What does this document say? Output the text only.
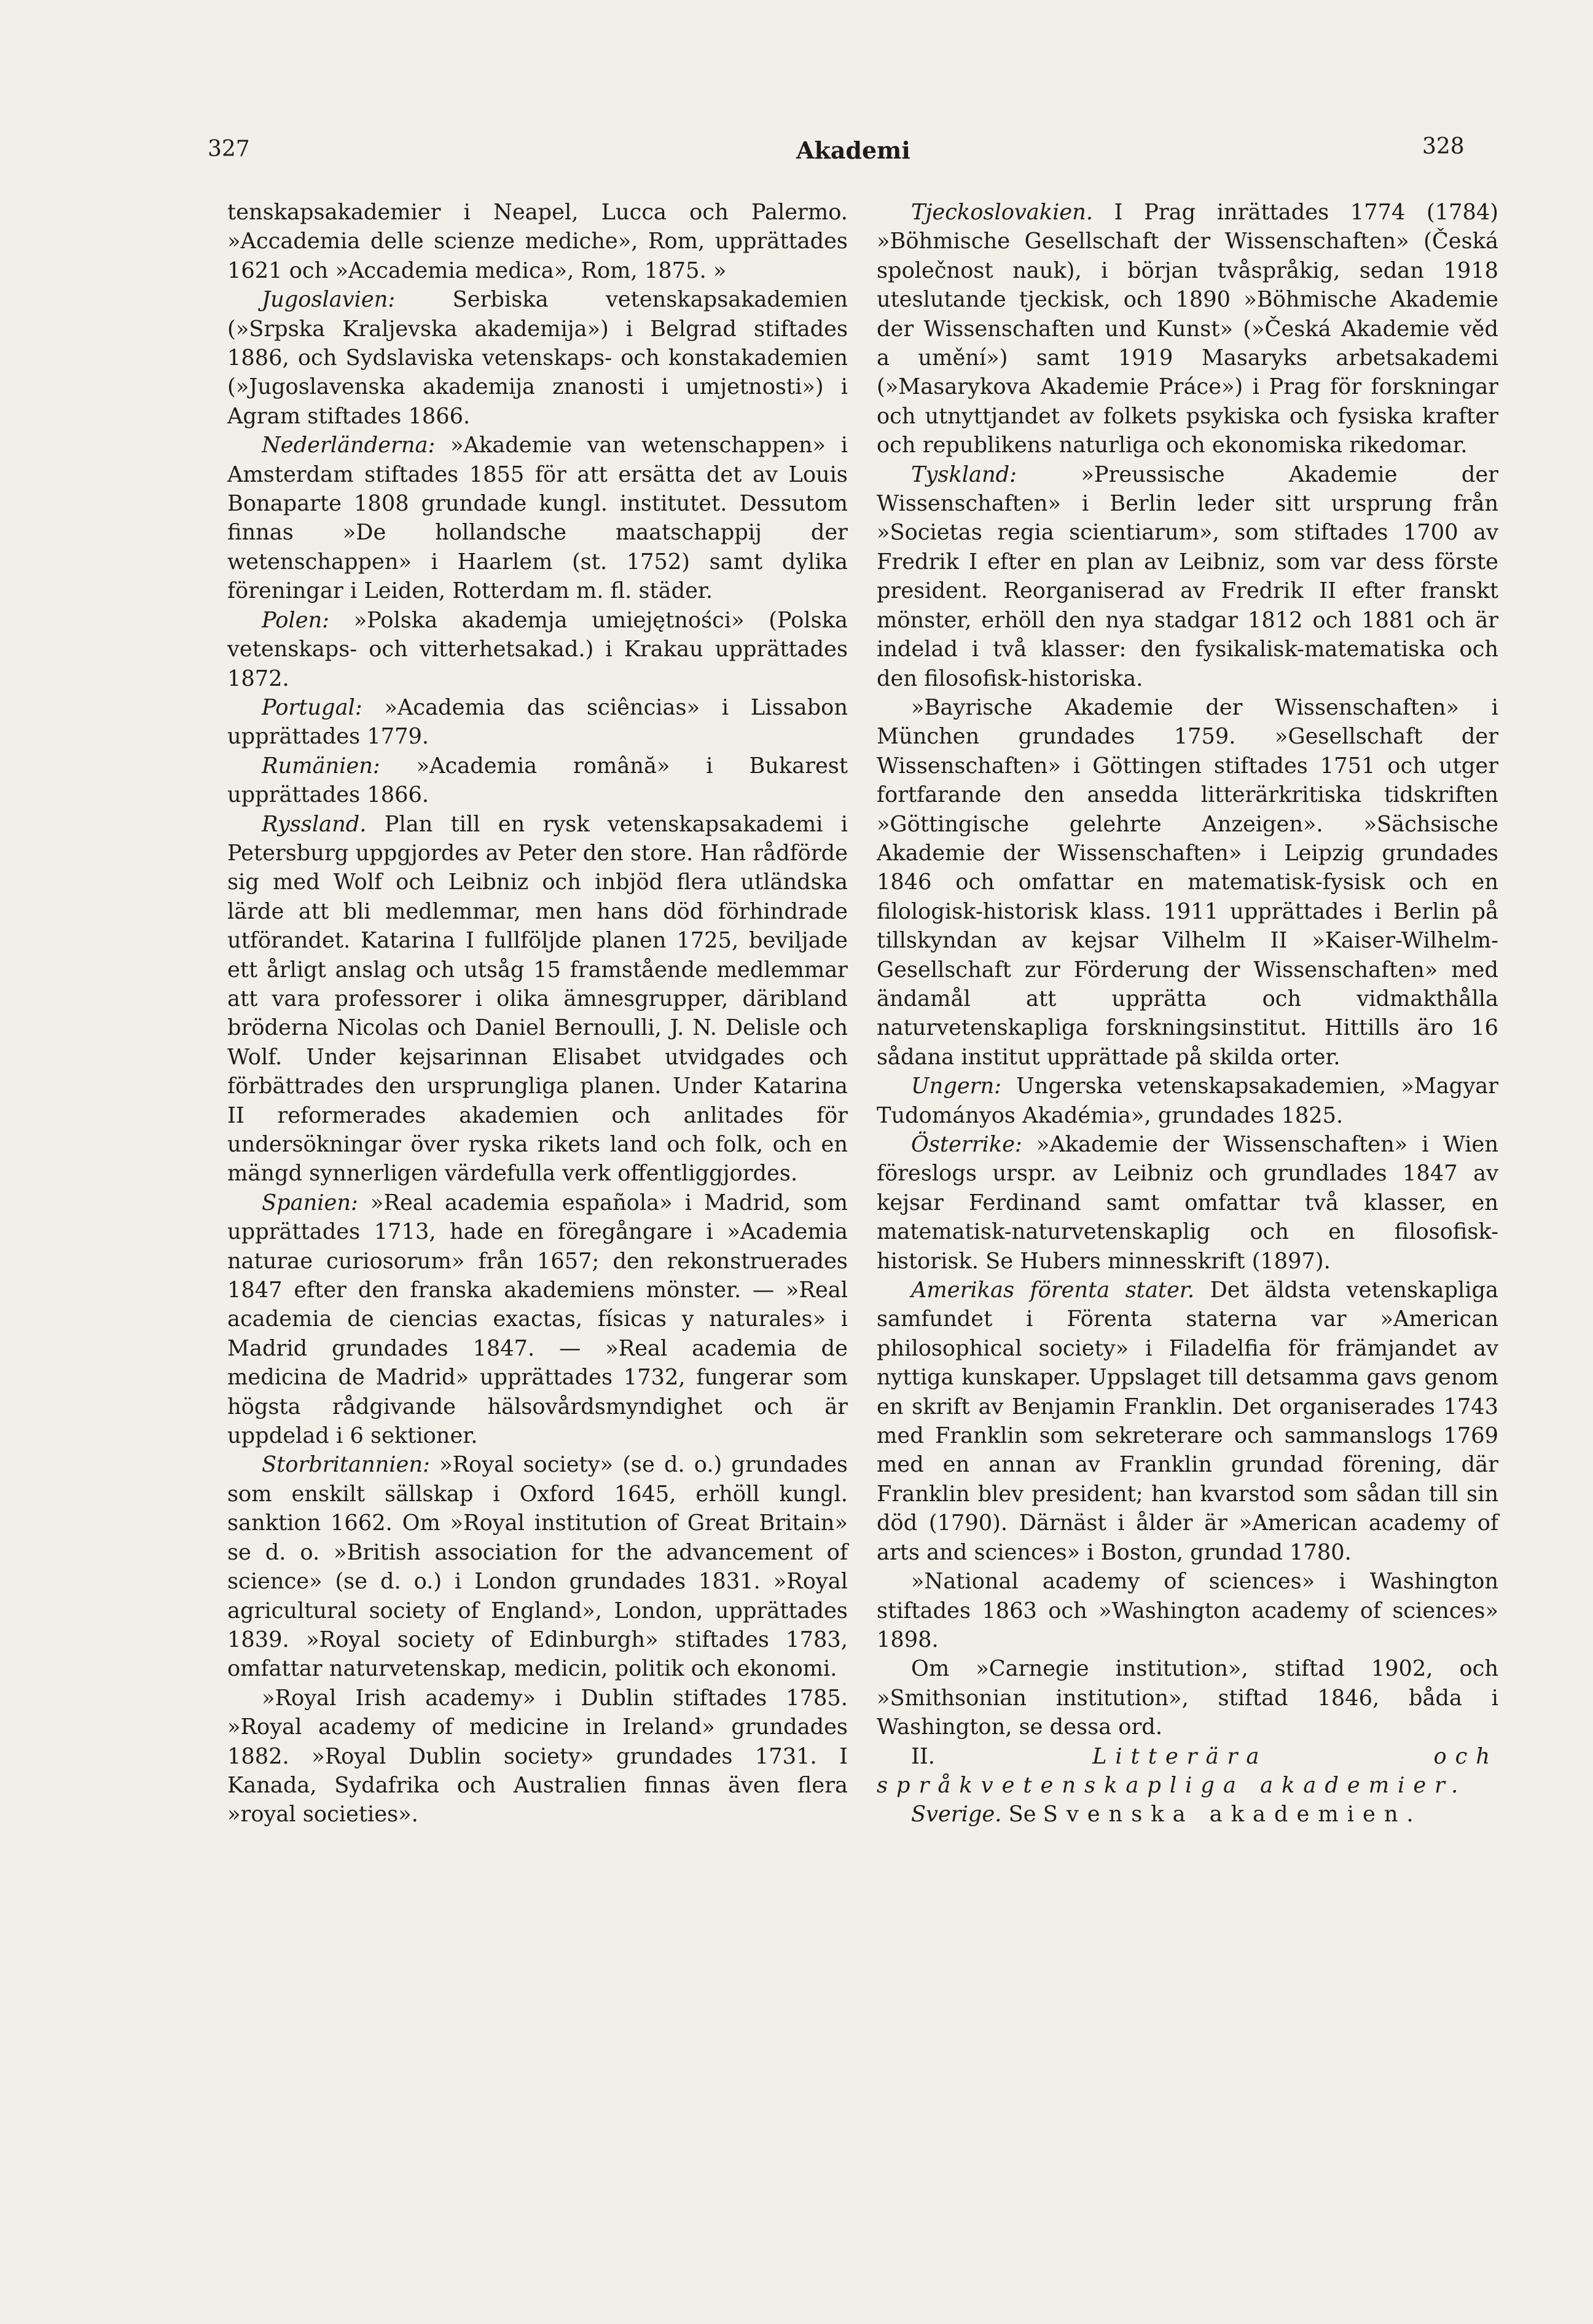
327	Akademi	328

tenskapsakademier i Neapel, Lucca och Palermo. »Accademia delle scienze mediche», Rom, upprättades 1621 och »Accademia medica», Rom, 1875. »

Jugoslavien: Serbiska vetenskapsakademien (»Srpska Kraljevska akademija») i Belgrad stiftades 1886, och Sydslaviska vetenskaps- och konstakademien (»Jugoslavenska akademija znanosti i umjetnosti») i Agram stiftades 1866.

Nederländerna: »Akademie van wetenschappen» i Amsterdam stiftades 1855 för att ersätta det av Louis Bonaparte 1808 grundade kungl. institutet. Dessutom finnas »De hollandsche maatschappij der wetenschappen» i Haarlem (st. 1752) samt dylika föreningar i Leiden, Rotterdam m. fl. städer.

Polen: »Polska akademja umiejętności» (Polska vetenskaps- och vitterhetsakad.) i Krakau upprättades 1872.

Portugal: »Academia das sciências» i Lissabon upprättades 1779.

Rumänien: »Academia română» i Bukarest upprättades 1866.

Ryssland. Plan till en rysk vetenskapsakademi i Petersburg uppgjordes av Peter den store. Han rådförde sig med Wolf och Leibniz och inbjöd flera utländska lärde att bli medlemmar, men hans död förhindrade utförandet. Katarina I fullföljde planen 1725, beviljade ett årligt anslag och utsåg 15 framstående medlemmar att vara professorer i olika ämnesgrupper, däribland bröderna Nicolas och Daniel Bernoulli, J. N. Delisle och Wolf. Under kejsarinnan Elisabet utvidgades och förbättrades den ursprungliga planen. Under Katarina II reformerades akademien och anlitades för undersökningar över ryska rikets land och folk, och en mängd synnerligen värdefulla verk offentliggjordes.

Spanien: »Real academia española» i Madrid, som upprättades 1713, hade en föregångare i »Academia naturae curiosorum» från 1657; den rekonstruerades 1847 efter den franska akademiens mönster. — »Real academia de ciencias exactas, físicas y naturales» i Madrid grundades 1847. — »Real academia de medicina de Madrid» upprättades 1732, fungerar som högsta rådgivande hälsovårdsmyndighet och är uppdelad i 6 sektioner.

Storbritannien: »Royal society» (se d. o.) grundades som enskilt sällskap i Oxford 1645, erhöll kungl. sanktion 1662. Om »Royal institution of Great Britain» se d. o. »British association for the advancement of science» (se d. o.) i London grundades 1831. »Royal agricultural society of England», London, upprättades 1839. »Royal society of Edinburgh» stiftades 1783, omfattar naturvetenskap, medicin, politik och ekonomi.

»Royal Irish academy» i Dublin stiftades 1785. »Royal academy of medicine in Ireland» grundades 1882. »Royal Dublin society» grundades 1731. I Kanada, Sydafrika och Australien finnas även flera »royal societies».

Tjeckoslovakien. I Prag inrättades 1774 (1784) »Böhmische Gesellschaft der Wissenschaften» (Česká společnost nauk), i början tvåspråkig, sedan 1918 uteslutande tjeckisk, och 1890 »Böhmische Akademie der Wissenschaften und Kunst» (»Česká Akademie věd a umění») samt 1919 Masaryks arbetsakademi (»Masarykova Akademie Práce») i Prag för forskningar och utnyttjandet av folkets psykiska och fysiska krafter och republikens naturliga och ekonomiska rikedomar.

Tyskland: »Preussische Akademie der Wissenschaften» i Berlin leder sitt ursprung från »Societas regia scientiarum», som stiftades 1700 av Fredrik I efter en plan av Leibniz, som var dess förste president. Reorganiserad av Fredrik II efter franskt mönster, erhöll den nya stadgar 1812 och 1881 och är indelad i två klasser: den fysikalisk-matematiska och den filosofisk-historiska.

»Bayrische Akademie der Wissenschaften» i München grundades 1759. »Gesellschaft der Wissenschaften» i Göttingen stiftades 1751 och utger fortfarande den ansedda litterärkritiska tidskriften »Göttingische gelehrte Anzeigen». »Sächsische Akademie der Wissenschaften» i Leipzig grundades 1846 och omfattar en matematisk-fysisk och en filologisk-historisk klass. 1911 upprättades i Berlin på tillskyndan av kejsar Vilhelm II »Kaiser-Wilhelm-Gesellschaft zur Förderung der Wissenschaften» med ändamål att upprätta och vidmakthålla naturvetenskapliga forskningsinstitut. Hittills äro 16 sådana institut upprättade på skilda orter.

Ungern: Ungerska vetenskapsakademien, »Magyar Tudományos Akadémia», grundades 1825.

Österrike: »Akademie der Wissenschaften» i Wien föreslogs urspr. av Leibniz och grundlades 1847 av kejsar Ferdinand samt omfattar två klasser, en matematisk-naturvetenskaplig och en filosofisk-historisk. Se Hubers minnesskrift (1897).

Amerikas förenta stater. Det äldsta vetenskapliga samfundet i Förenta staterna var »American philosophical society» i Filadelfia för främjandet av nyttiga kunskaper. Uppslaget till detsamma gavs genom en skrift av Benjamin Franklin. Det organiserades 1743 med Franklin som sekreterare och sammanslogs 1769 med en annan av Franklin grundad förening, där Franklin blev president; han kvarstod som sådan till sin död (1790). Därnäst i ålder är »American academy of arts and sciences» i Boston, grundad 1780.

»National academy of sciences» i Washington stiftades 1863 och »Washington academy of sciences» 1898.

Om »Carnegie institution», stiftad 1902, och »Smithsonian institution», stiftad 1846, båda i Washington, se dessa ord.

II.	Litterära och språkvetenskapliga akademier.

Sverige. Se Svenska akademien.
